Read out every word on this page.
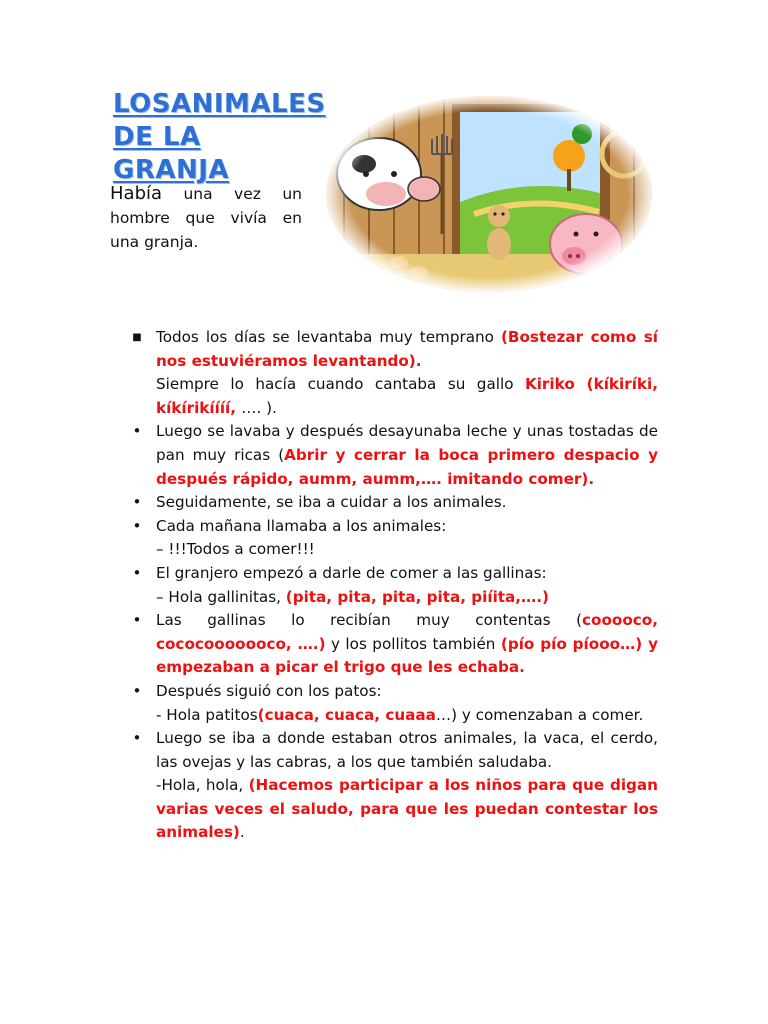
LOSANIMALES
DE LA GRANJA
Había una vez un hombre que vivía en una granja.
■ Todos los días se levantaba muy temprano (Bostezar como sí nos estuviéramos levantando).
Siempre lo hacía cuando cantaba su gallo Kiriko (kíkiríki, kíkírikíííí, …. ).
• Luego se lavaba y después desayunaba leche y unas tostadas de pan muy ricas (Abrir y cerrar la boca primero despacio y después rápido, aumm, aumm,…. imitando comer).
• Seguidamente, se iba a cuidar a los animales.
• Cada mañana llamaba a los animales:
– !!!Todos a comer!!!
• El granjero empezó a darle de comer a las gallinas:
– Hola gallinitas, (pita, pita, pita, pita, piíita,….)
• Las gallinas lo recibían muy contentas (cooooco, cococooooooco, ….) y los pollitos también (pío pío píooo…) y empezaban a picar el trigo que les echaba.
• Después siguió con los patos:
- Hola patitos(cuaca, cuaca, cuaaa…) y comenzaban a comer.
• Luego se iba a donde estaban otros animales, la vaca, el cerdo, las ovejas y las cabras, a los que también saludaba.
-Hola, hola, (Hacemos participar a los niños para que digan varias veces el saludo, para que les puedan contestar los animales).
